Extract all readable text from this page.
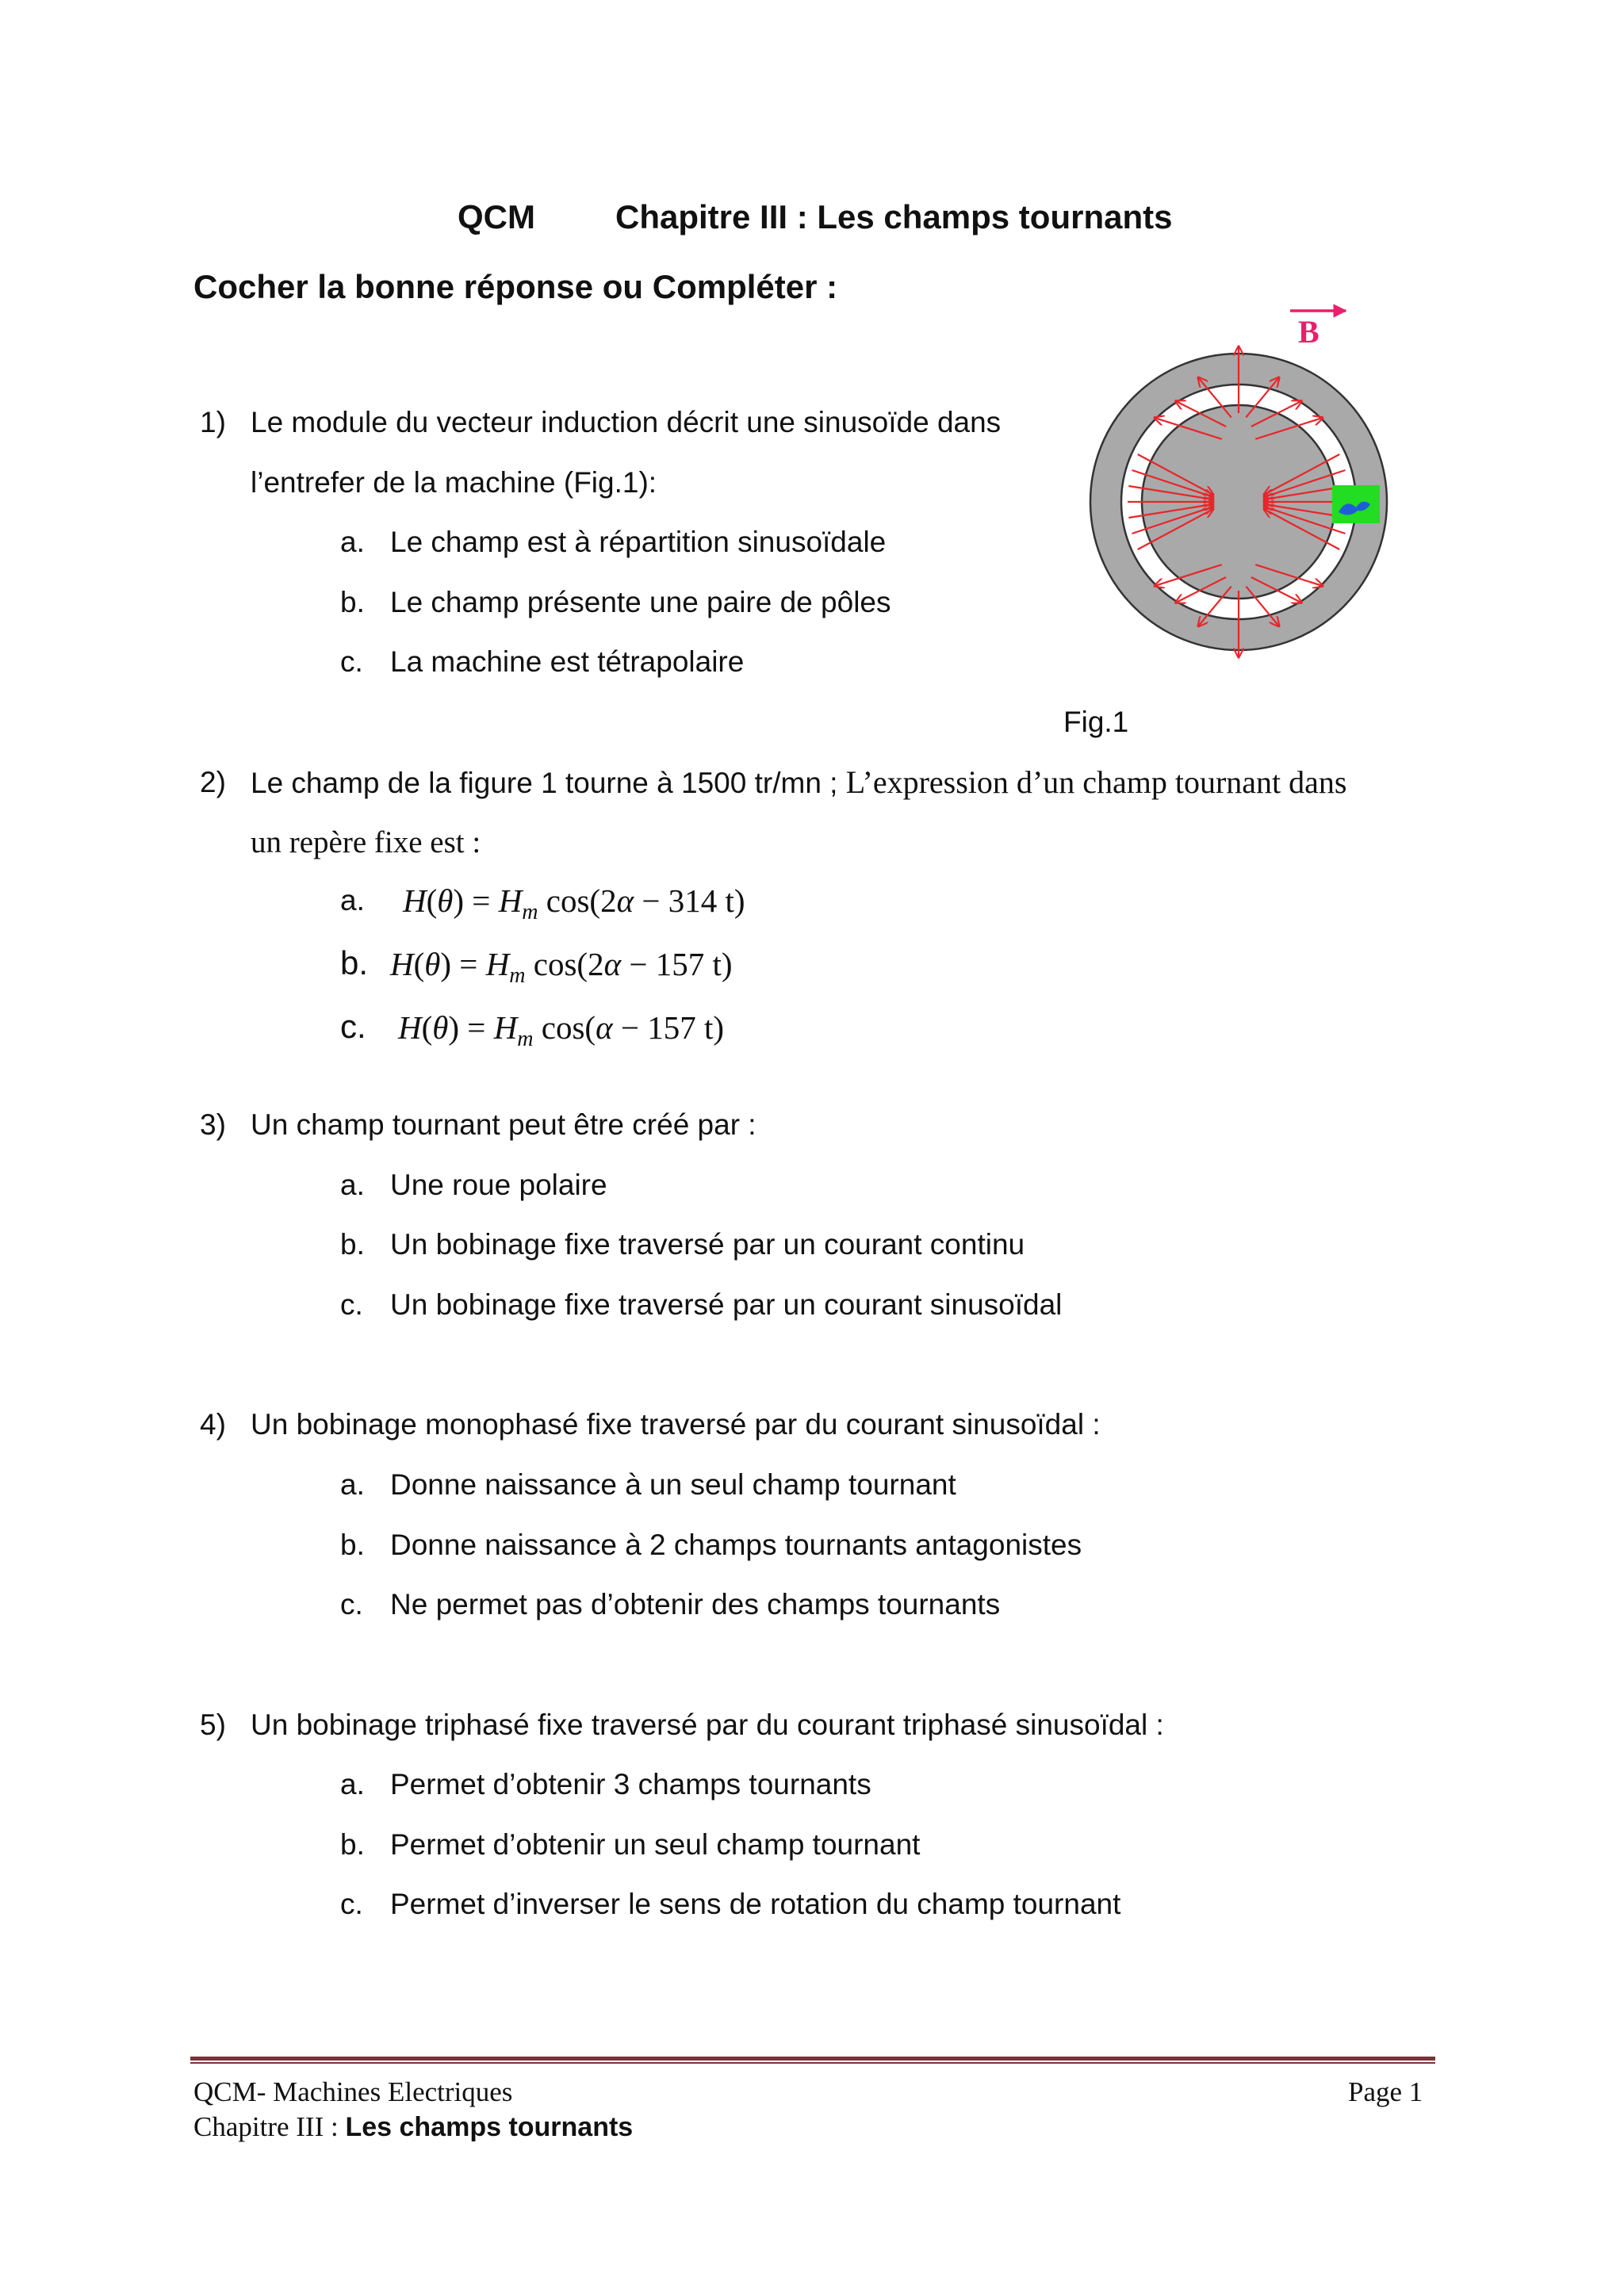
QCM Chapitre III : Les champs tournants
Cocher la bonne réponse ou Compléter :
B
Fig.1
1) Le module du vecteur induction décrit une sinusoïde dans
l’entrefer de la machine (Fig.1):
a. Le champ est à répartition sinusoïdale
b. Le champ présente une paire de pôles
c. La machine est tétrapolaire
2) Le champ de la figure 1 tourne à 1500 tr/mn ; L’expression d’un champ tournant dans
un repère fixe est :
a. $H(\theta) = H_m$ cos(2α − 314 t)
b. $H(\theta) = H_m$ cos(2α − 157 t)
c. $H(\theta) = H_m$ cos(α − 157 t)
3) Un champ tournant peut être créé par :
a. Une roue polaire
b. Un bobinage fixe traversé par un courant continu
c. Un bobinage fixe traversé par un courant sinusoïdal
4) Un bobinage monophasé fixe traversé par du courant sinusoïdal :
a. Donne naissance à un seul champ tournant
b. Donne naissance à 2 champs tournants antagonistes
c. Ne permet pas d’obtenir des champs tournants
5) Un bobinage triphasé fixe traversé par du courant triphasé sinusoïdal :
a. Permet d’obtenir 3 champs tournants
b. Permet d’obtenir un seul champ tournant
c. Permet d’inverser le sens de rotation du champ tournant
QCM- Machines Electriques
Chapitre III : Les champs tournants
Page 1
